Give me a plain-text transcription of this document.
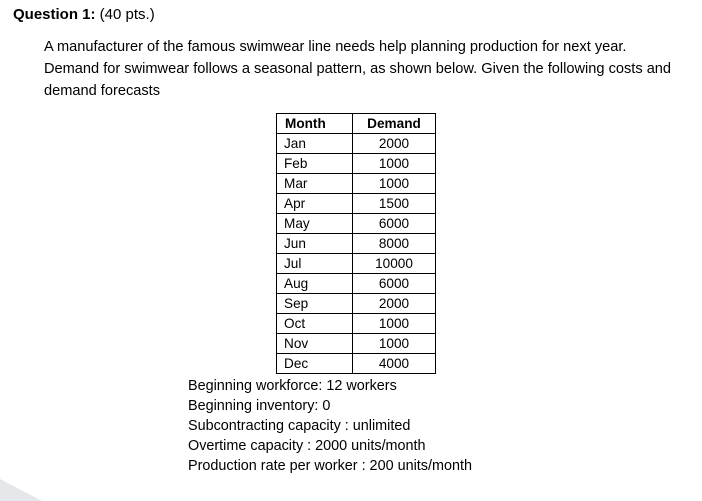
Question 1: (40 pts.)
A manufacturer of the famous swimwear line needs help planning production for next year. Demand for swimwear follows a seasonal pattern, as shown below. Given the following costs and demand forecasts
Month	Demand
Jan	2000
Feb	1000
Mar	1000
Apr	1500
May	6000
Jun	8000
Jul	10000
Aug	6000
Sep	2000
Oct	1000
Nov	1000
Dec	4000
Beginning workforce: 12 workers
Beginning inventory: 0
Subcontracting capacity : unlimited
Overtime capacity : 2000 units/month
Production rate per worker : 200 units/month
